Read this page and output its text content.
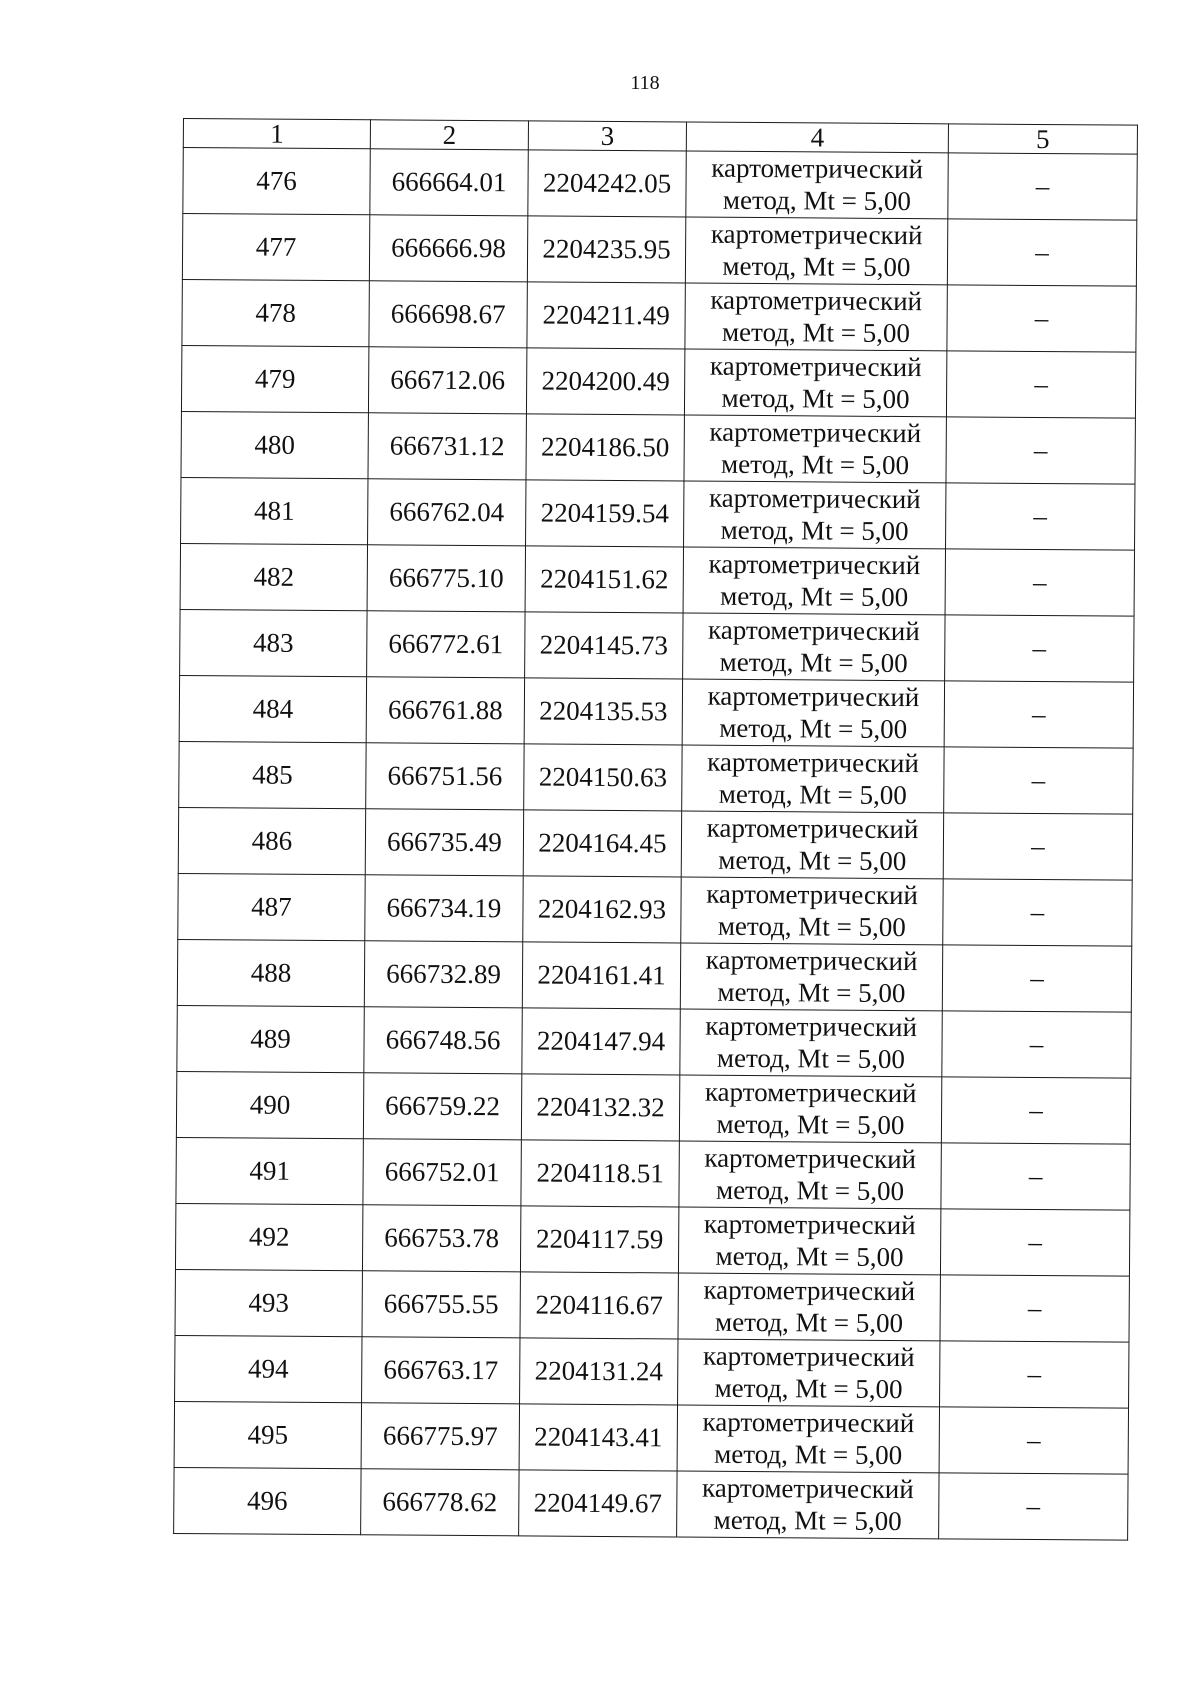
118
1	2	3	4	5
476	666664.01	2204242.05	картометрический
метод, Mt = 5,00	–
477	666666.98	2204235.95	картометрический
метод, Mt = 5,00	–
478	666698.67	2204211.49	картометрический
метод, Mt = 5,00	–
479	666712.06	2204200.49	картометрический
метод, Mt = 5,00	–
480	666731.12	2204186.50	картометрический
метод, Mt = 5,00	–
481	666762.04	2204159.54	картометрический
метод, Mt = 5,00	–
482	666775.10	2204151.62	картометрический
метод, Mt = 5,00	–
483	666772.61	2204145.73	картометрический
метод, Mt = 5,00	–
484	666761.88	2204135.53	картометрический
метод, Mt = 5,00	–
485	666751.56	2204150.63	картометрический
метод, Mt = 5,00	–
486	666735.49	2204164.45	картометрический
метод, Mt = 5,00	–
487	666734.19	2204162.93	картометрический
метод, Mt = 5,00	–
488	666732.89	2204161.41	картометрический
метод, Mt = 5,00	–
489	666748.56	2204147.94	картометрический
метод, Mt = 5,00	–
490	666759.22	2204132.32	картометрический
метод, Mt = 5,00	–
491	666752.01	2204118.51	картометрический
метод, Mt = 5,00	–
492	666753.78	2204117.59	картометрический
метод, Mt = 5,00	–
493	666755.55	2204116.67	картометрический
метод, Mt = 5,00	–
494	666763.17	2204131.24	картометрический
метод, Mt = 5,00	–
495	666775.97	2204143.41	картометрический
метод, Mt = 5,00	–
496	666778.62	2204149.67	картометрический
метод, Mt = 5,00	–
